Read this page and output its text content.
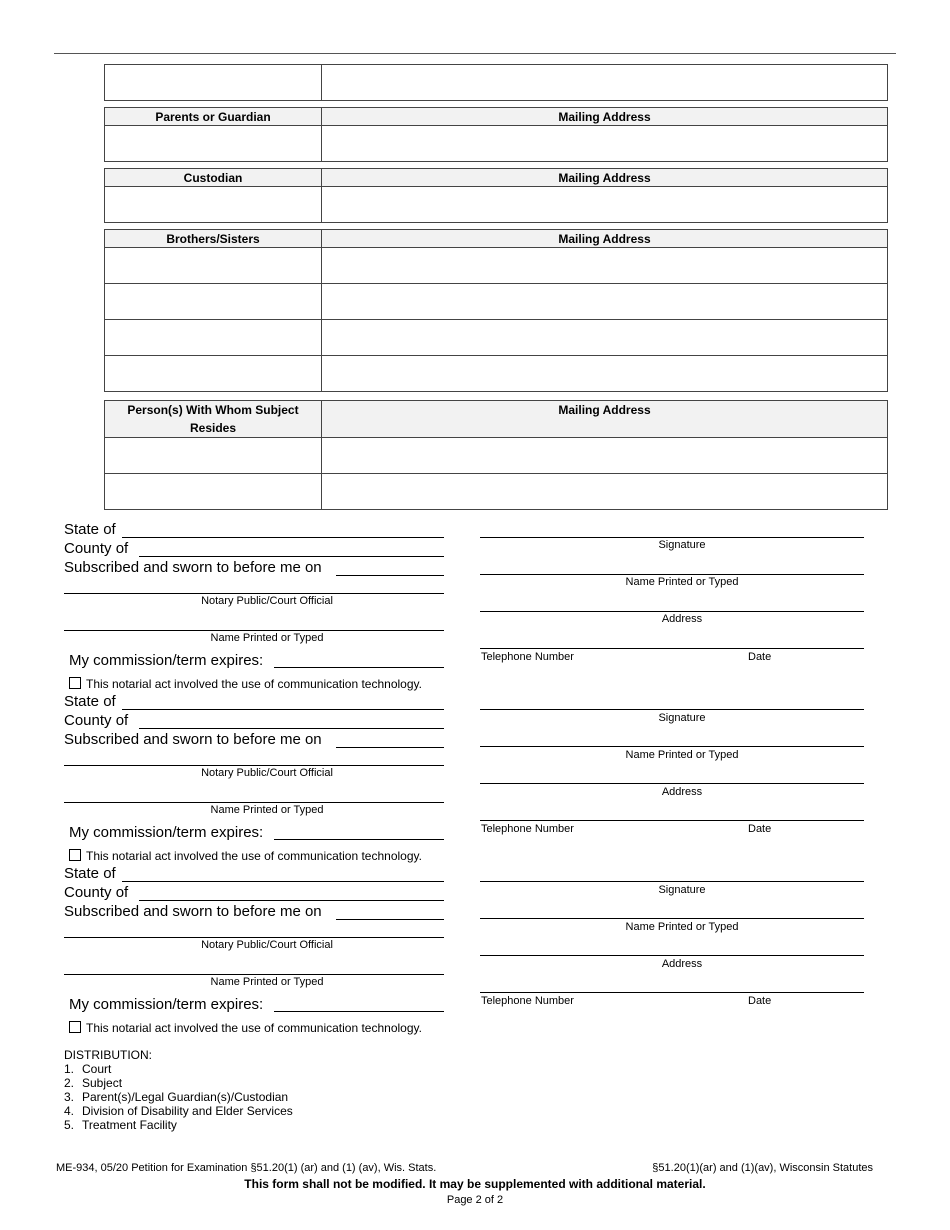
Parents or Guardian	Mailing Address

Custodian	Mailing Address

Brothers/Sisters	Mailing Address

Person(s) With Whom Subject Resides	Mailing Address

State of
County of
Subscribed and sworn to before me on
Notary Public/Court Official
Name Printed or Typed
My commission/term expires:
This notarial act involved the use of communication technology.
State of
County of
Subscribed and sworn to before me on
Notary Public/Court Official
Name Printed or Typed
My commission/term expires:
This notarial act involved the use of communication technology.
State of
County of
Subscribed and sworn to before me on
Notary Public/Court Official
Name Printed or Typed
My commission/term expires:
This notarial act involved the use of communication technology.
Signature
Name Printed or Typed
Address
Telephone Number	Date
Signature
Name Printed or Typed
Address
Telephone Number	Date
Signature
Name Printed or Typed
Address
Telephone Number	Date
DISTRIBUTION:
1. Court
2. Subject
3. Parent(s)/Legal Guardian(s)/Custodian
4. Division of Disability and Elder Services
5. Treatment Facility
ME-934, 05/20 Petition for Examination §51.20(1) (ar) and (1) (av), Wis. Stats.	§51.20(1)(ar) and (1)(av), Wisconsin Statutes
This form shall not be modified. It may be supplemented with additional material.
Page 2 of 2
